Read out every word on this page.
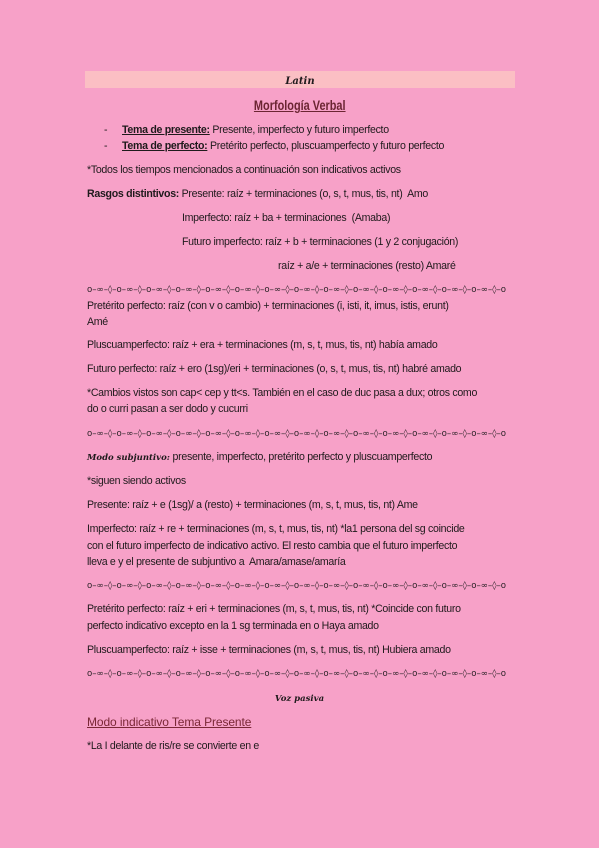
Latin
Morfología Verbal
- Tema de presente: Presente, imperfecto y futuro imperfecto
- Tema de perfecto: Pretérito perfecto, pluscuamperfecto y futuro perfecto
*Todos los tiempos mencionados a continuación son indicativos activos
Rasgos distintivos: Presente: raíz + terminaciones (o, s, t, mus, tis, nt)  Amo
Imperfecto: raíz + ba + terminaciones  (Amaba)
Futuro imperfecto: raíz + b + terminaciones (1 y 2 conjugación)
raíz + a/e + terminaciones (resto) Amaré
o–∞–◊–o–∞–◊–o–∞–◊–o–∞–◊–o–∞–◊–o–∞–◊–o–∞–◊–o–∞–◊–o–∞–◊–o–∞–◊–o–∞–◊–o–∞–◊–o–∞–◊–o–∞–◊–o
Pretérito perfecto: raíz (con v o cambio) + terminaciones (i, isti, it, imus, istis, erunt)
Amé
Pluscuamperfecto: raíz + era + terminaciones (m, s, t, mus, tis, nt) había amado
Futuro perfecto: raíz + ero (1sg)/eri + terminaciones (o, s, t, mus, tis, nt) habré amado
*Cambios vistos son cap< cep y tt<s. También en el caso de duc pasa a dux; otros como
do o curri pasan a ser dodo y cucurri
o–∞–◊–o–∞–◊–o–∞–◊–o–∞–◊–o–∞–◊–o–∞–◊–o–∞–◊–o–∞–◊–o–∞–◊–o–∞–◊–o–∞–◊–o–∞–◊–o–∞–◊–o–∞–◊–o
Modo subjuntivo: presente, imperfecto, pretérito perfecto y pluscuamperfecto
*siguen siendo activos
Presente: raíz + e (1sg)/ a (resto) + terminaciones (m, s, t, mus, tis, nt) Ame
Imperfecto: raíz + re + terminaciones (m, s, t, mus, tis, nt) *la1 persona del sg coincide
con el futuro imperfecto de indicativo activo. El resto cambia que el futuro imperfecto
lleva e y el presente de subjuntivo a  Amara/amase/amaría
o–∞–◊–o–∞–◊–o–∞–◊–o–∞–◊–o–∞–◊–o–∞–◊–o–∞–◊–o–∞–◊–o–∞–◊–o–∞–◊–o–∞–◊–o–∞–◊–o–∞–◊–o–∞–◊–o
Pretérito perfecto: raíz + eri + terminaciones (m, s, t, mus, tis, nt) *Coincide con futuro
perfecto indicativo excepto en la 1 sg terminada en o Haya amado
Pluscuamperfecto: raíz + isse + terminaciones (m, s, t, mus, tis, nt) Hubiera amado
o–∞–◊–o–∞–◊–o–∞–◊–o–∞–◊–o–∞–◊–o–∞–◊–o–∞–◊–o–∞–◊–o–∞–◊–o–∞–◊–o–∞–◊–o–∞–◊–o–∞–◊–o–∞–◊–o
Voz pasiva
Modo indicativo Tema Presente
*La I delante de ris/re se convierte en e
